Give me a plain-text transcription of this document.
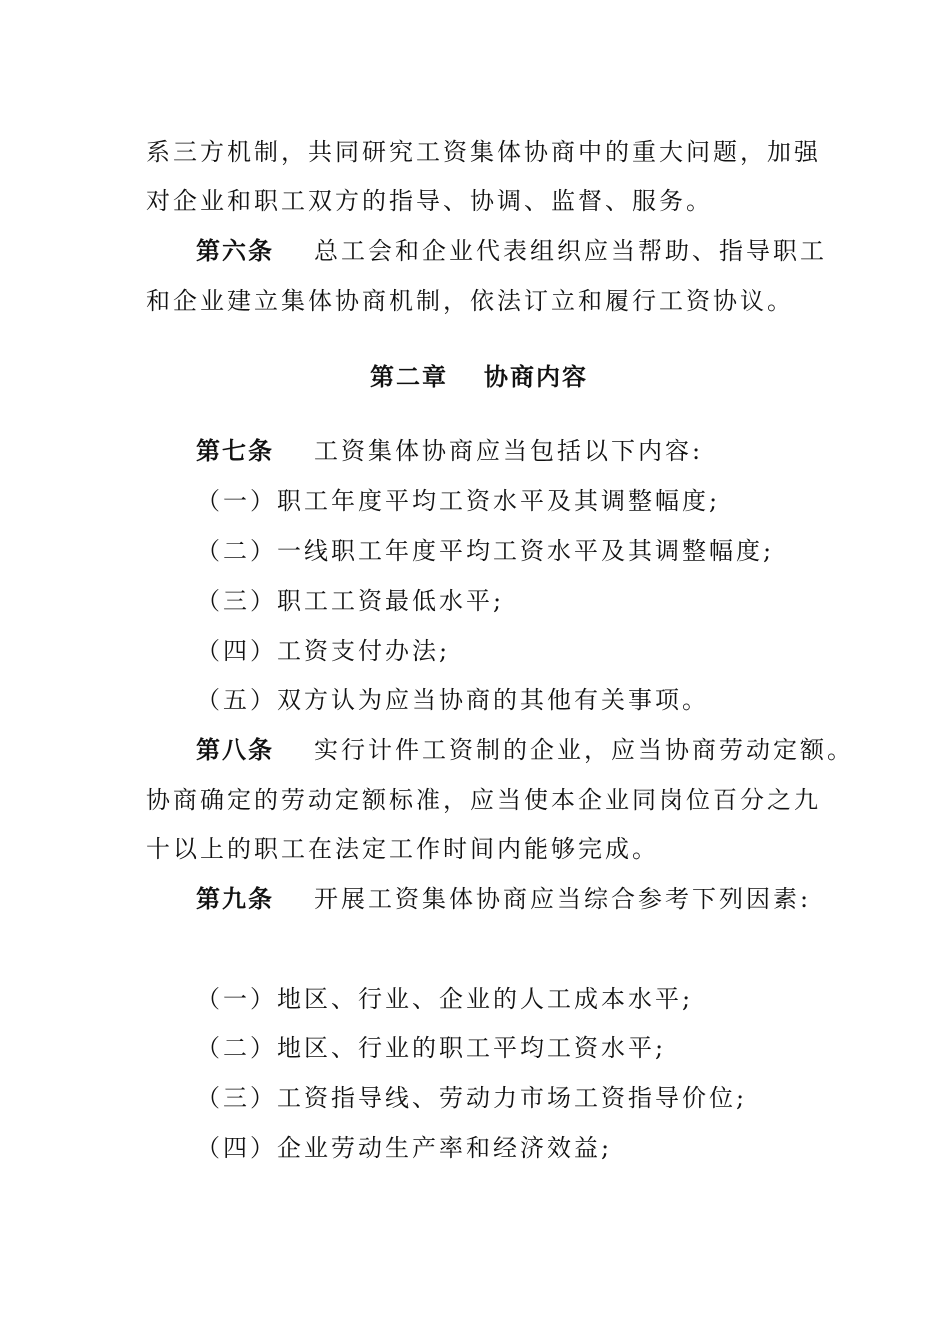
系三方机制，共同研究工资集体协商中的重大问题，加强
对企业和职工双方的指导、协调、监督、服务。
第六条 总工会和企业代表组织应当帮助、指导职工
和企业建立集体协商机制，依法订立和履行工资协议。
第二章 协商内容
第七条 工资集体协商应当包括以下内容:
（一）职工年度平均工资水平及其调整幅度;
（二）一线职工年度平均工资水平及其调整幅度;
（三）职工工资最低水平;
（四）工资支付办法;
（五）双方认为应当协商的其他有关事项。
第八条 实行计件工资制的企业，应当协商劳动定额。
协商确定的劳动定额标准，应当使本企业同岗位百分之九
十以上的职工在法定工作时间内能够完成。
第九条 开展工资集体协商应当综合参考下列因素:
（一）地区、行业、企业的人工成本水平;
（二）地区、行业的职工平均工资水平;
（三）工资指导线、劳动力市场工资指导价位;
（四）企业劳动生产率和经济效益;
